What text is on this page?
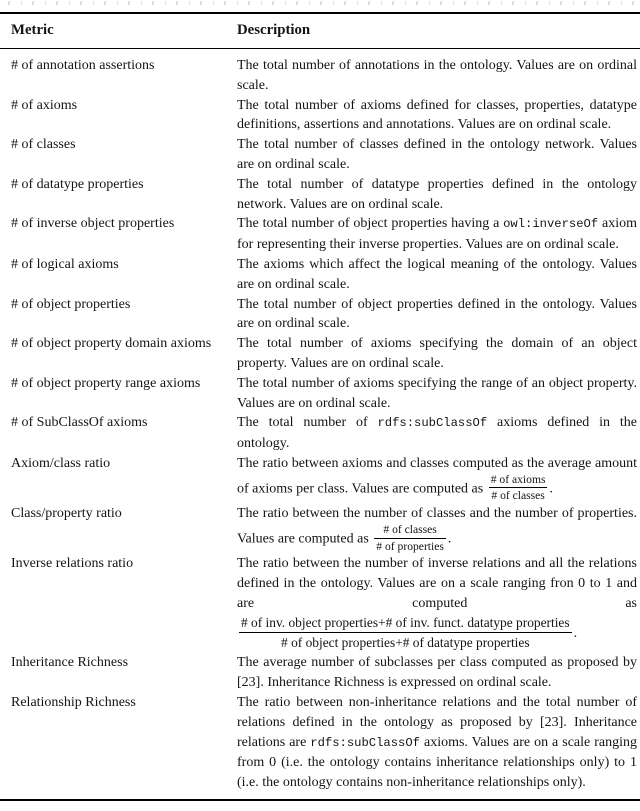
Metric	Description
# of annotation assertions	The total number of annotations in the ontology. Values are on ordinal scale.
# of axioms	The total number of axioms defined for classes, properties, datatype definitions, assertions and annotations. Values are on ordinal scale.
# of classes	The total number of classes defined in the ontology network. Values are on ordinal scale.
# of datatype properties	The total number of datatype properties defined in the ontology network. Values are on ordinal scale.
# of inverse object properties	The total number of object properties having a owl:inverseOf axiom for representing their inverse properties. Values are on ordinal scale.
# of logical axioms	The axioms which affect the logical meaning of the ontology. Values are on ordinal scale.
# of object properties	The total number of object properties defined in the ontology. Values are on ordinal scale.
# of object property domain axioms	The total number of axioms specifying the domain of an object property. Values are on ordinal scale.
# of object property range axioms	The total number of axioms specifying the range of an object property. Values are on ordinal scale.
# of SubClassOf axioms	The total number of rdfs:subClassOf axioms defined in the ontology.
Axiom/class ratio	The ratio between axioms and classes computed as the average amount of axioms per class. Values are computed as $\frac{\text{\# of axioms}}{\text{\# of classes}}$ .
Class/property ratio	The ratio between the number of classes and the number of properties. Values are computed as $\frac{\text{\# of classes}}{\text{\# of properties}}$ .
Inverse relations ratio	The ratio between the number of inverse relations and all the relations defined in the ontology. Values are on a scale ranging fron 0 to 1 and are computed as
# of inv. object properties+# of inv. funct. datatype properties
# of object properties+# of datatype properties
.
Inheritance Richness	The average number of subclasses per class computed as proposed by [23]. Inheritance Richness is expressed on ordinal scale.
Relationship Richness	The ratio between non-inheritance relations and the total number of relations defined in the ontology as proposed by [23]. Inheritance relations are rdfs:subClassOf axioms. Values are on a scale ranging from 0 (i.e. the ontology contains inheritance relationships only) to 1 (i.e. the ontology contains non-inheritance relationships only).
